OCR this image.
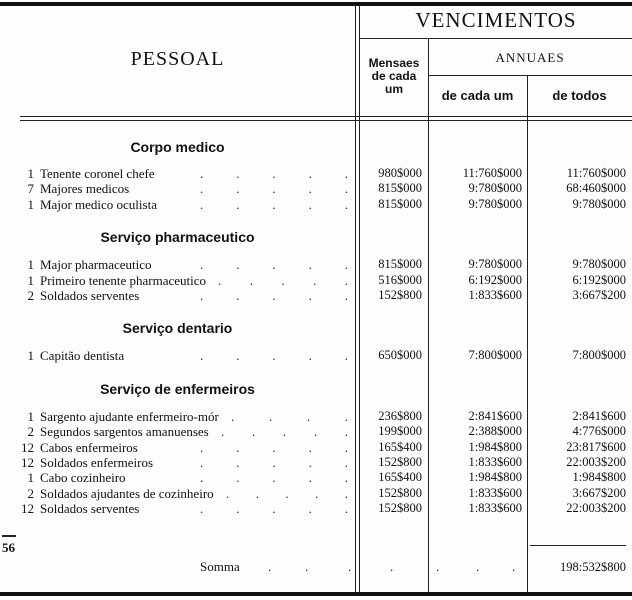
PESSOAL
VENCIMENTOS
Mensaes de cada um
ANNUAES
de cada um	de todos
Corpo medico
1 Tenente coronel chefe	.	.	.	.	.	980$000	11:760$000	11:760$000
7 Majores medicos	.	.	.	.	.	815$000	9:780$000	68:460$000
1 Major medico oculista	.	.	.	.	.	815$000	9:780$000	9:780$000
Serviço pharmaceutico
1 Major pharmaceutico	.	.	.	.	.	815$000	9:780$000	9:780$000
1 Primeiro tenente pharmaceutico . . . . .	516$000	6:192$000	6:192$000
2 Soldados serventes	.	.	.	.	.	152$800	1:833$600	3:667$200
Serviço dentario
1 Capitão dentista	.	.	.	.	.	650$000	7:800$000	7:800$000
Serviço de enfermeiros
1 Sargento ajudante enfermeiro-mór .	.	.	.	236$800	2:841$600	2:841$600
2 Segundos sargentos amanuenses . . . . .	199$000	2:388$000	4:776$000
12 Cabos enfermeiros	.	.	.	.	.	165$400	1:984$800	23:817$600
12 Soldados enfermeiros	.	.	.	.	.	152$800	1:833$600	22:003$200
1 Cabo cozinheiro	.	.	.	.	.	165$400	1:984$800	1:984$800
2 Soldados ajudantes de cozinheiro . . . . .	152$800	1:833$600	3:667$200
12 Soldados serventes	.	.	.	.	.	152$800	1:833$600	22:003$200
56
Somma .	.	.	.	.	.	.	198:532$800
